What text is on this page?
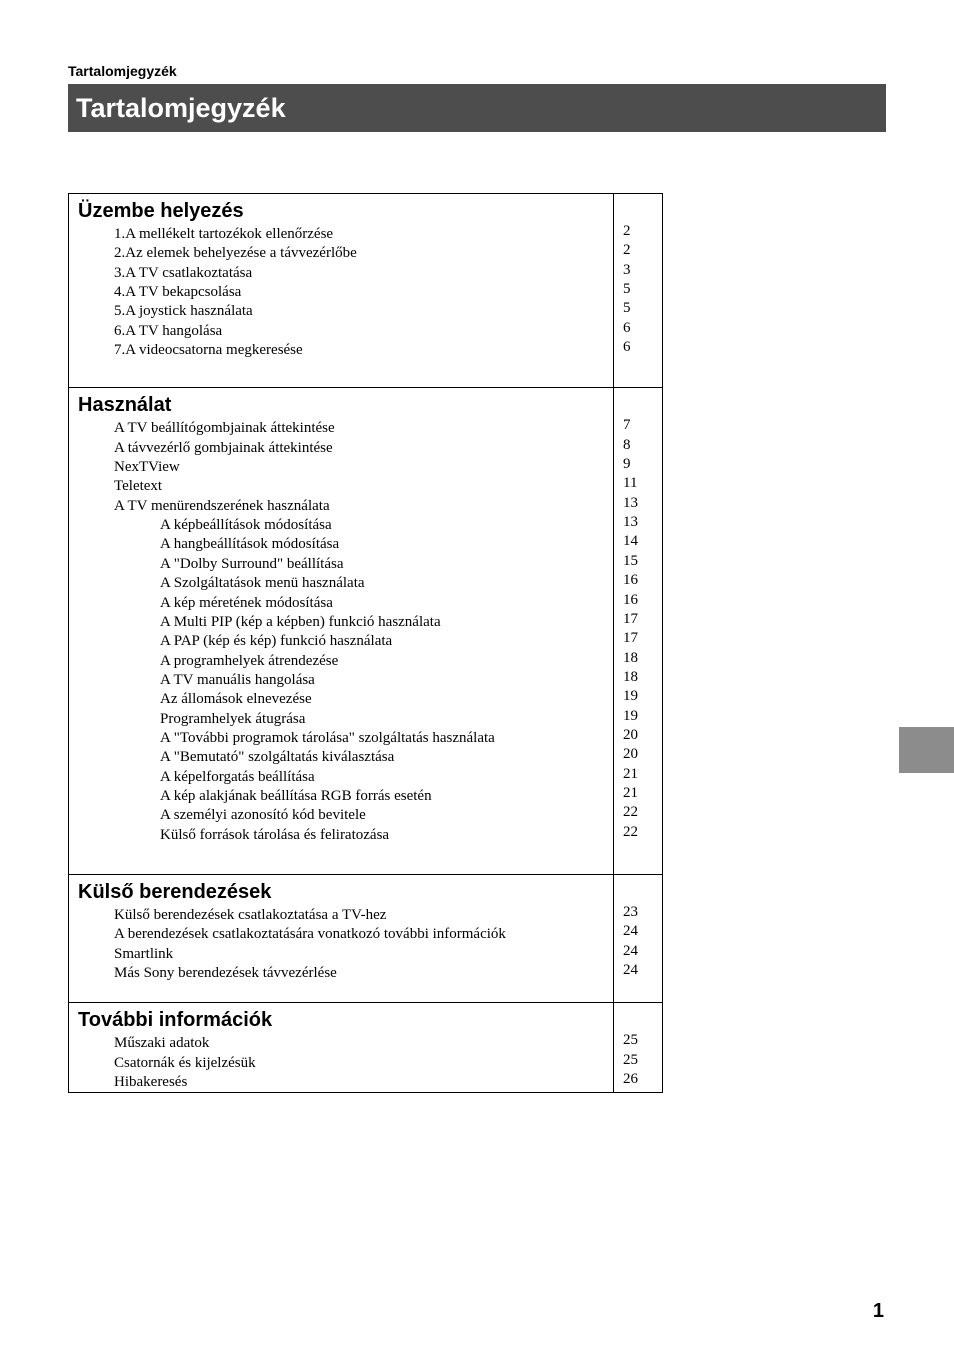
Tartalomjegyzék
Tartalomjegyzék
Üzembe helyezés
1.A mellékelt tartozékok ellenőrzése
2.Az elemek behelyezése a távvezérlőbe
3.A TV csatlakoztatása
4.A TV bekapcsolása
5.A joystick használata
6.A TV hangolása
7.A videocsatorna megkeresése
2
2
3
5
5
6
6
Használat
A TV beállítógombjainak áttekintése
A távvezérlő gombjainak áttekintése
NexTView
Teletext
A TV menürendszerének használata
A képbeállítások módosítása
A hangbeállítások módosítása
A "Dolby Surround" beállítása
A Szolgáltatások menü használata
A kép méretének módosítása
A Multi PIP (kép a képben) funkció használata
A PAP (kép és kép) funkció használata
A programhelyek átrendezése
A TV manuális hangolása
Az állomások elnevezése
Programhelyek átugrása
A "További programok tárolása" szolgáltatás használata
A "Bemutató" szolgáltatás kiválasztása
A képelforgatás beállítása
A kép alakjának beállítása RGB forrás esetén
A személyi azonosító kód bevitele
Külső források tárolása és feliratozása
7
8
9
11
13
13
14
15
16
16
17
17
18
18
19
19
20
20
21
21
22
22
Külső berendezések
Külső berendezések csatlakoztatása a TV-hez
A berendezések csatlakoztatására vonatkozó további információk
Smartlink
Más Sony berendezések távvezérlése
23
24
24
24
További információk
Műszaki adatok
Csatornák és kijelzésük
Hibakeresés
25
25
26
1
